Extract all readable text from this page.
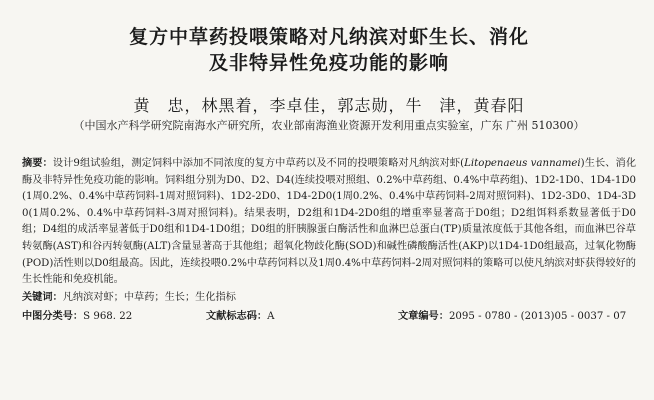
复方中草药投喂策略对凡纳滨对虾生长、消化
及非特异性免疫功能的影响
黄　忠，林黑着，李卓佳，郭志勋，牛　津，黄春阳
（中国水产科学研究院南海水产研究所，农业部南海渔业资源开发利用重点实验室，广东 广州 510300）
摘要：设计9组试验组，测定饲料中添加不同浓度的复方中草药以及不同的投喂策略对凡纳滨对虾(Litopenaeus vannamei)生长、消化酶及非特异性免疫功能的影响。饲料组分别为D0、D2、D4(连续投喂对照组、0.2%中草药组、0.4%中草药组)、1D2-1D0、1D4-1D0(1周0.2%、0.4%中草药饲料-1周对照饲料)、1D2-2D0、1D4-2D0(1周0.2%、0.4%中草药饲料-2周对照饲料)、1D2-3D0、1D4-3D0(1周0.2%、0.4%中草药饲料-3周对照饲料)。结果表明，D2组和1D4-2D0组的增重率显著高于D0组；D2组饵料系数显著低于D0组；D4组的成活率显著低于D0组和1D4-1D0组；D0组的肝胰腺蛋白酶活性和血淋巴总蛋白(TP)质量浓度低于其他各组，而血淋巴谷草转氨酶(AST)和谷丙转氨酶(ALT)含量显著高于其他组；超氧化物歧化酶(SOD)和碱性磷酸酶活性(AKP)以1D4-1D0组最高，过氧化物酶(POD)活性则以D0组最高。因此，连续投喂0.2%中草药饲料以及1周0.4%中草药饲料-2周对照饲料的策略可以使凡纳滨对虾获得较好的生长性能和免疫机能。
关键词：凡纳滨对虾；中草药；生长；生化指标
中图分类号：S 968. 22	文献标志码：A	文章编号：2095 - 0780 - (2013)05 - 0037 - 07
